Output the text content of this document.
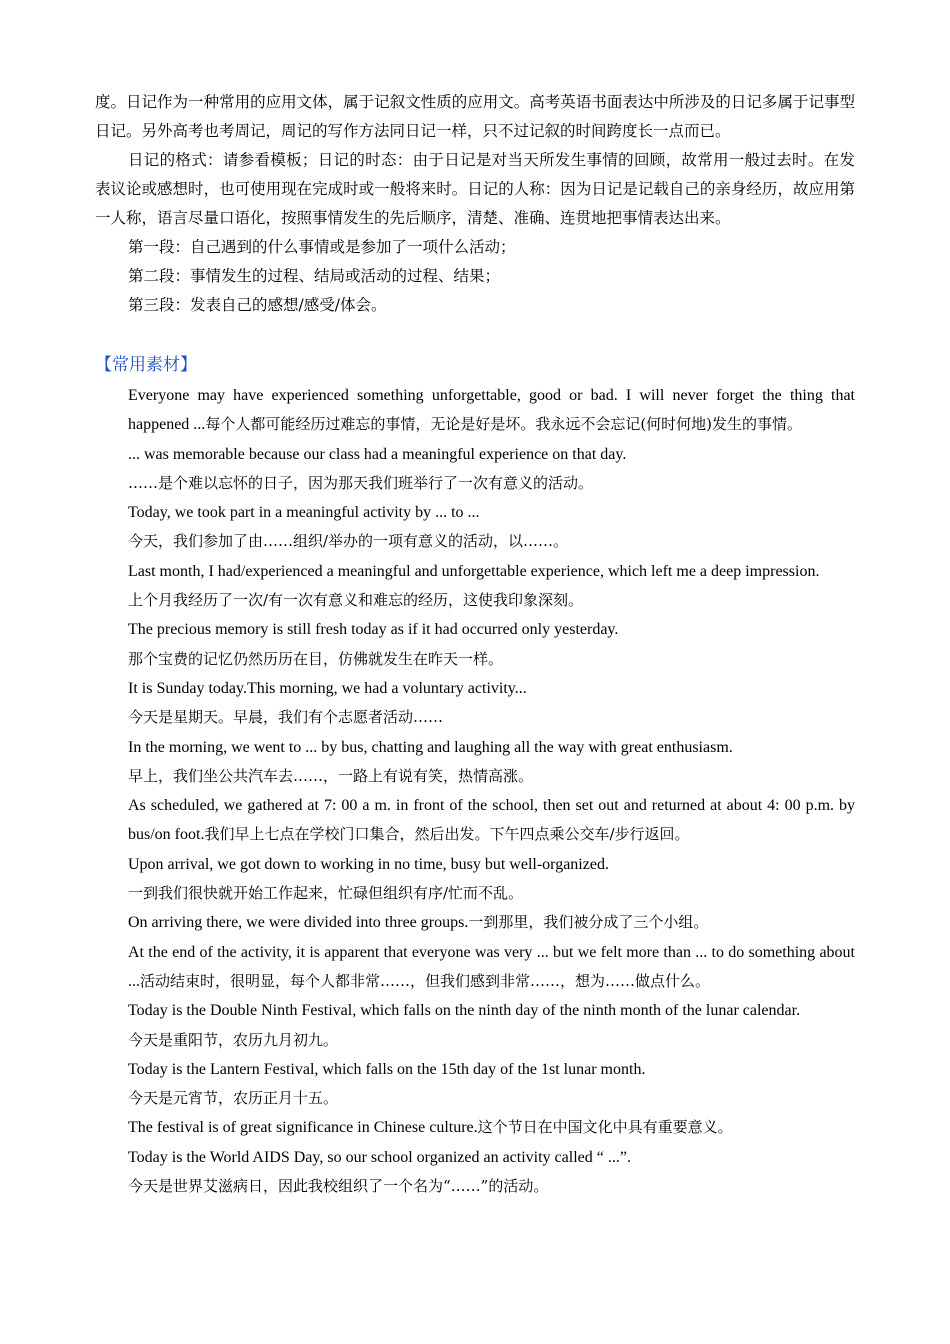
度。日记作为一种常用的应用文体，属于记叙文性质的应用文。高考英语书面表达中所涉及的日记多属于记事型日记。另外高考也考周记，周记的写作方法同日记一样，只不过记叙的时间跨度长一点而已。

日记的格式：请参看模板；日记的时态：由于日记是对当天所发生事情的回顾，故常用一般过去时。在发表议论或感想时，也可使用现在完成时或一般将来时。日记的人称：因为日记是记载自己的亲身经历，故应用第一人称，语言尽量口语化，按照事情发生的先后顺序，清楚、准确、连贯地把事情表达出来。

第一段：自己遇到的什么事情或是参加了一项什么活动；

第二段：事情发生的过程、结局或活动的过程、结果；

第三段：发表自己的感想/感受/体会。

【常用素材】

Everyone may have experienced something unforgettable, good or bad. I will never forget the thing that happened ...每个人都可能经历过难忘的事情，无论是好是坏。我永远不会忘记(何时何地)发生的事情。

... was memorable because our class had a meaningful experience on that day.

……是个难以忘怀的日子，因为那天我们班举行了一次有意义的活动。

Today, we took part in a meaningful activity by ... to ...

今天，我们参加了由……组织/举办的一项有意义的活动，以……。

Last month, I had/experienced a meaningful and unforgettable experience, which left me a deep impression.

上个月我经历了一次/有一次有意义和难忘的经历，这使我印象深刻。

The precious memory is still fresh today as if it had occurred only yesterday.

那个宝费的记忆仍然历历在目，仿佛就发生在昨天一样。

It is Sunday today.This morning, we had a voluntary activity...

今天是星期天。早晨，我们有个志愿者活动……

In the morning, we went to ... by bus, chatting and laughing all the way with great enthusiasm.

早上，我们坐公共汽车去……，一路上有说有笑，热情高涨。

As scheduled, we gathered at 7: 00 a m. in front of the school, then set out and returned at about 4: 00 p.m. by bus/on foot.我们早上七点在学校门口集合，然后出发。下午四点乘公交车/步行返回。

Upon arrival, we got down to working in no time, busy but well-organized.

一到我们很快就开始工作起来，忙碌但组织有序/忙而不乱。

On arriving there, we were divided into three groups.一到那里，我们被分成了三个小组。

At the end of the activity, it is apparent that everyone was very ... but we felt more than ... to do something about ...活动结束时，很明显，每个人都非常……，但我们感到非常……，想为……做点什么。

Today is the Double Ninth Festival, which falls on the ninth day of the ninth month of the lunar calendar.

今天是重阳节，农历九月初九。

Today is the Lantern Festival, which falls on the 15th day of the 1st lunar month.

今天是元宵节，农历正月十五。

The festival is of great significance in Chinese culture.这个节日在中国文化中具有重要意义。

Today is the World AIDS Day, so our school organized an activity called “ ...”.

今天是世界艾滋病日，因此我校组织了一个名为“……”的活动。
